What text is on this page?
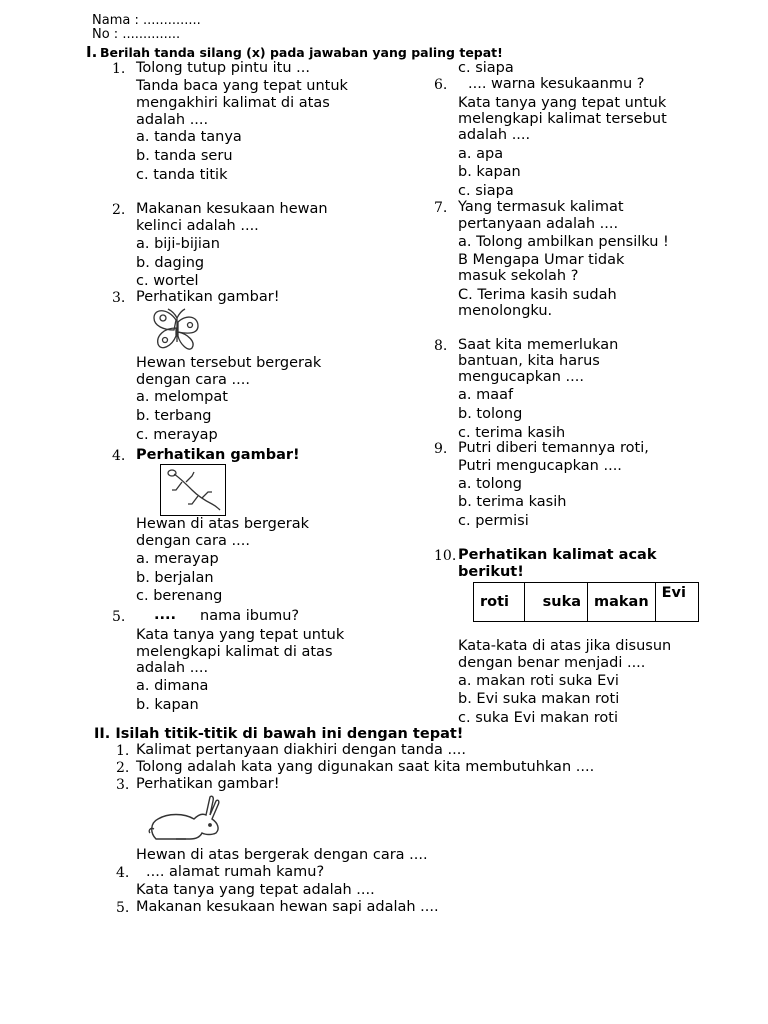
Nama : ..............
No : ..............
I. Berilah tanda silang (x) pada jawaban yang paling tepat!
1. Tolong tutup pintu itu ...
Tanda baca yang tepat untuk
mengakhiri kalimat di atas
adalah ....
a. tanda tanya
b. tanda seru
c. tanda titik
2. Makanan kesukaan hewan
kelinci adalah ....
a. biji-bijian
b. daging
c. wortel
3. Perhatikan gambar!
Hewan tersebut bergerak
dengan cara ....
a. melompat
b. terbang
c. merayap
4. Perhatikan gambar!
Hewan di atas bergerak
dengan cara ....
a. merayap
b. berjalan
c. berenang
5. .... nama ibumu?
Kata tanya yang tepat untuk
melengkapi kalimat di atas
adalah ....
a. dimana
b. kapan
c. siapa
6. .... warna kesukaanmu ?
Kata tanya yang tepat untuk
melengkapi kalimat tersebut
adalah ....
a. apa
b. kapan
c. siapa
7. Yang termasuk kalimat
pertanyaan adalah ....
a. Tolong ambilkan pensilku !
B Mengapa Umar tidak
masuk sekolah ?
C. Terima kasih sudah
menolongku.
8. Saat kita memerlukan
bantuan, kita harus
mengucapkan ....
a. maaf
b. tolong
c. terima kasih
9. Putri diberi temannya roti,
Putri mengucapkan ....
a. tolong
b. terima kasih
c. permisi
10. Perhatikan kalimat acak
berikut!
roti	suka	makan	Evi
Kata-kata di atas jika disusun
dengan benar menjadi ....
a. makan roti suka Evi
b. Evi suka makan roti
c. suka Evi makan roti
II. Isilah titik-titik di bawah ini dengan tepat!
1. Kalimat pertanyaan diakhiri dengan tanda ....
2. Tolong adalah kata yang digunakan saat kita membutuhkan ....
3. Perhatikan gambar!
Hewan di atas bergerak dengan cara ....
4. .... alamat rumah kamu?
Kata tanya yang tepat adalah ....
5. Makanan kesukaan hewan sapi adalah ....
